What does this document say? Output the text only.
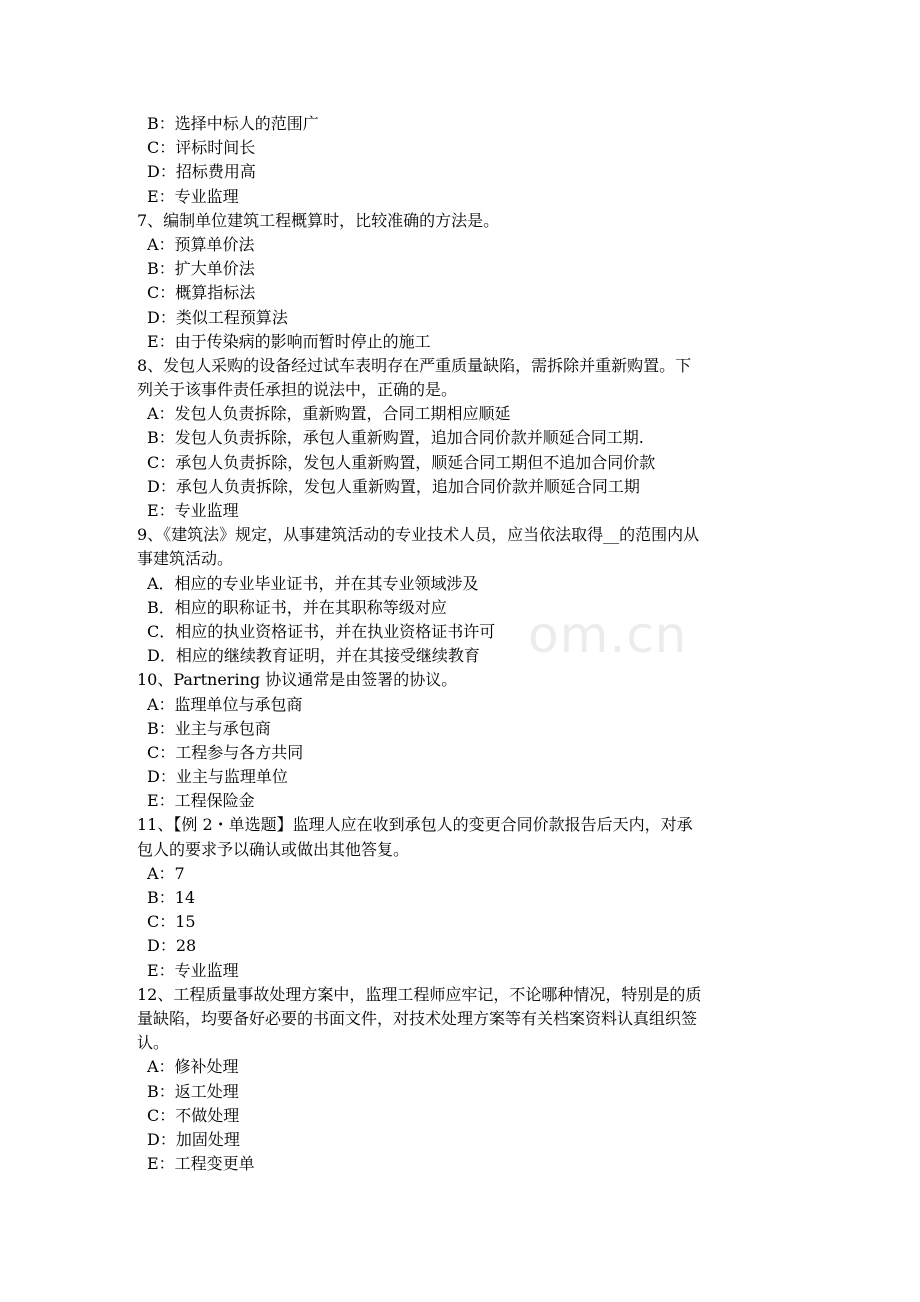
B：选择中标人的范围广
C：评标时间长
D：招标费用高
E：专业监理
7、编制单位建筑工程概算时，比较准确的方法是。
A：预算单价法
B：扩大单价法
C：概算指标法
D：类似工程预算法
E：由于传染病的影响而暂时停止的施工
8、发包人采购的设备经过试车表明存在严重质量缺陷，需拆除并重新购置。下
列关于该事件责任承担的说法中，正确的是。
A：发包人负责拆除，重新购置，合同工期相应顺延
B：发包人负责拆除，承包人重新购置，追加合同价款并顺延合同工期.
C：承包人负责拆除，发包人重新购置，顺延合同工期但不追加合同价款
D：承包人负责拆除，发包人重新购置，追加合同价款并顺延合同工期
E：专业监理
9、《建筑法》规定，从事建筑活动的专业技术人员，应当依法取得__的范围内从
事建筑活动。
A．相应的专业毕业证书，并在其专业领域涉及
B．相应的职称证书，并在其职称等级对应
C．相应的执业资格证书，并在执业资格证书许可
D．相应的继续教育证明，并在其接受继续教育
10、Partnering 协议通常是由签署的协议。
A：监理单位与承包商
B：业主与承包商
C：工程参与各方共同
D：业主与监理单位
E：工程保险金
11、【例 2・单选题】监理人应在收到承包人的变更合同价款报告后天内，对承
包人的要求予以确认或做出其他答复。
A：7
B：14
C：15
D：28
E：专业监理
12、工程质量事故处理方案中，监理工程师应牢记，不论哪种情况，特别是的质
量缺陷，均要备好必要的书面文件，对技术处理方案等有关档案资料认真组织签
认。
A：修补处理
B：返工处理
C：不做处理
D：加固处理
E：工程变更单
om.cn
